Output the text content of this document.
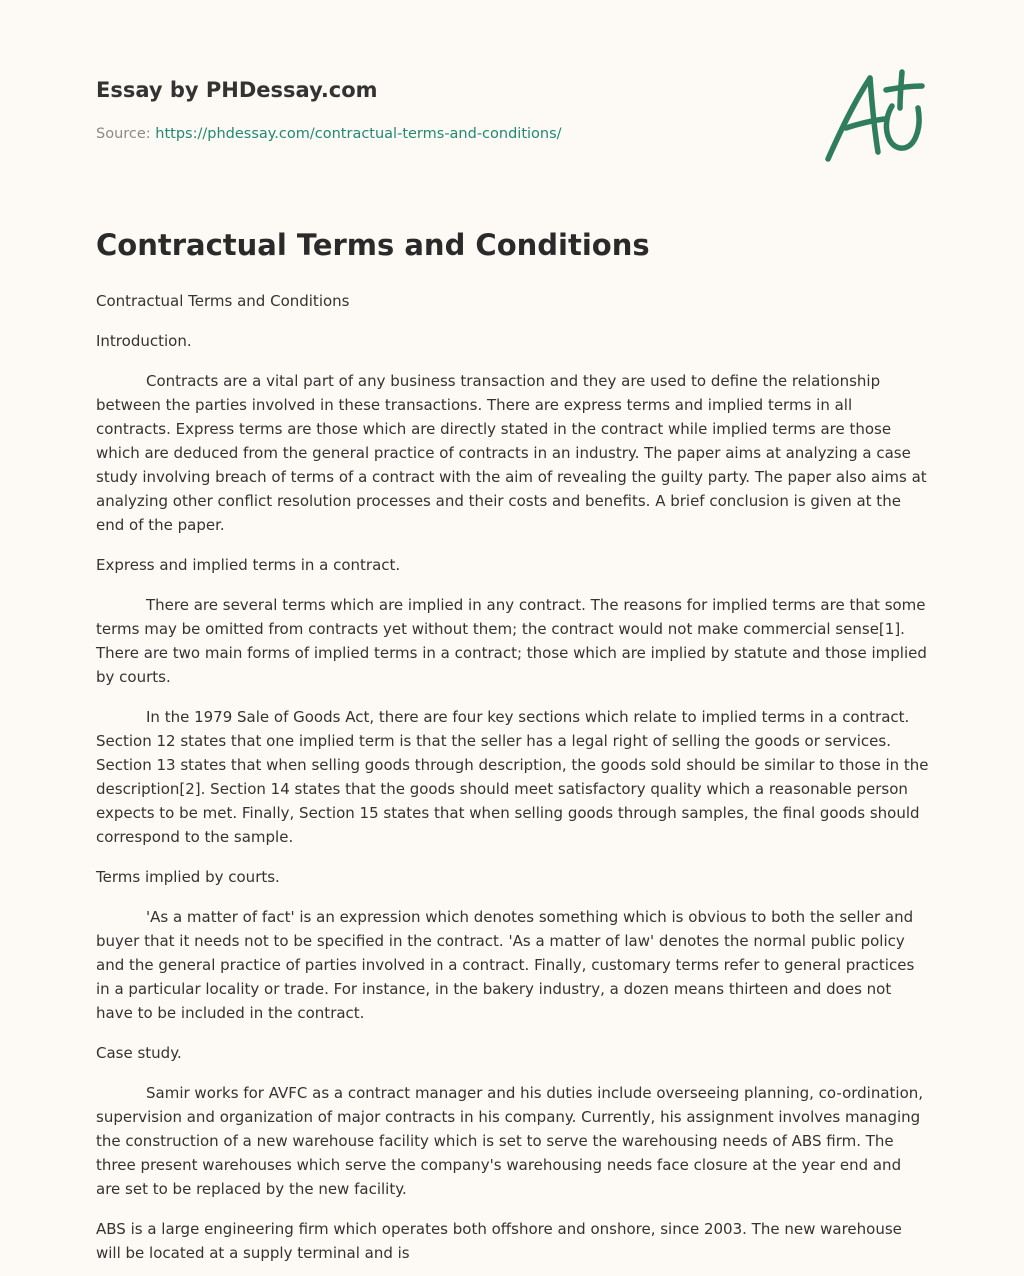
Essay by PHDessay.com
Source: https://phdessay.com/contractual-terms-and-conditions/
Contractual Terms and Conditions

Contractual Terms and Conditions

Introduction.

Contracts are a vital part of any business transaction and they are used to define the relationship between the parties involved in these transactions. There are express terms and implied terms in all contracts. Express terms are those which are directly stated in the contract while implied terms are those which are deduced from the general practice of contracts in an industry. The paper aims at analyzing a case study involving breach of terms of a contract with the aim of revealing the guilty party. The paper also aims at analyzing other conflict resolution processes and their costs and benefits. A brief conclusion is given at the end of the paper.

Express and implied terms in a contract.

There are several terms which are implied in any contract. The reasons for implied terms are that some terms may be omitted from contracts yet without them; the contract would not make commercial sense[1]. There are two main forms of implied terms in a contract; those which are implied by statute and those implied by courts.

In the 1979 Sale of Goods Act, there are four key sections which relate to implied terms in a contract. Section 12 states that one implied term is that the seller has a legal right of selling the goods or services. Section 13 states that when selling goods through description, the goods sold should be similar to those in the description[2]. Section 14 states that the goods should meet satisfactory quality which a reasonable person expects to be met. Finally, Section 15 states that when selling goods through samples, the final goods should correspond to the sample.

Terms implied by courts.

'As a matter of fact' is an expression which denotes something which is obvious to both the seller and buyer that it needs not to be specified in the contract. 'As a matter of law' denotes the normal public policy and the general practice of parties involved in a contract. Finally, customary terms refer to general practices in a particular locality or trade. For instance, in the bakery industry, a dozen means thirteen and does not have to be included in the contract.

Case study.

Samir works for AVFC as a contract manager and his duties include overseeing planning, co-ordination, supervision and organization of major contracts in his company. Currently, his assignment involves managing the construction of a new warehouse facility which is set to serve the warehousing needs of ABS firm. The three present warehouses which serve the company's warehousing needs face closure at the year end and are set to be replaced by the new facility.

ABS is a large engineering firm which operates both offshore and onshore, since 2003. The new warehouse will be located at a supply terminal and is
